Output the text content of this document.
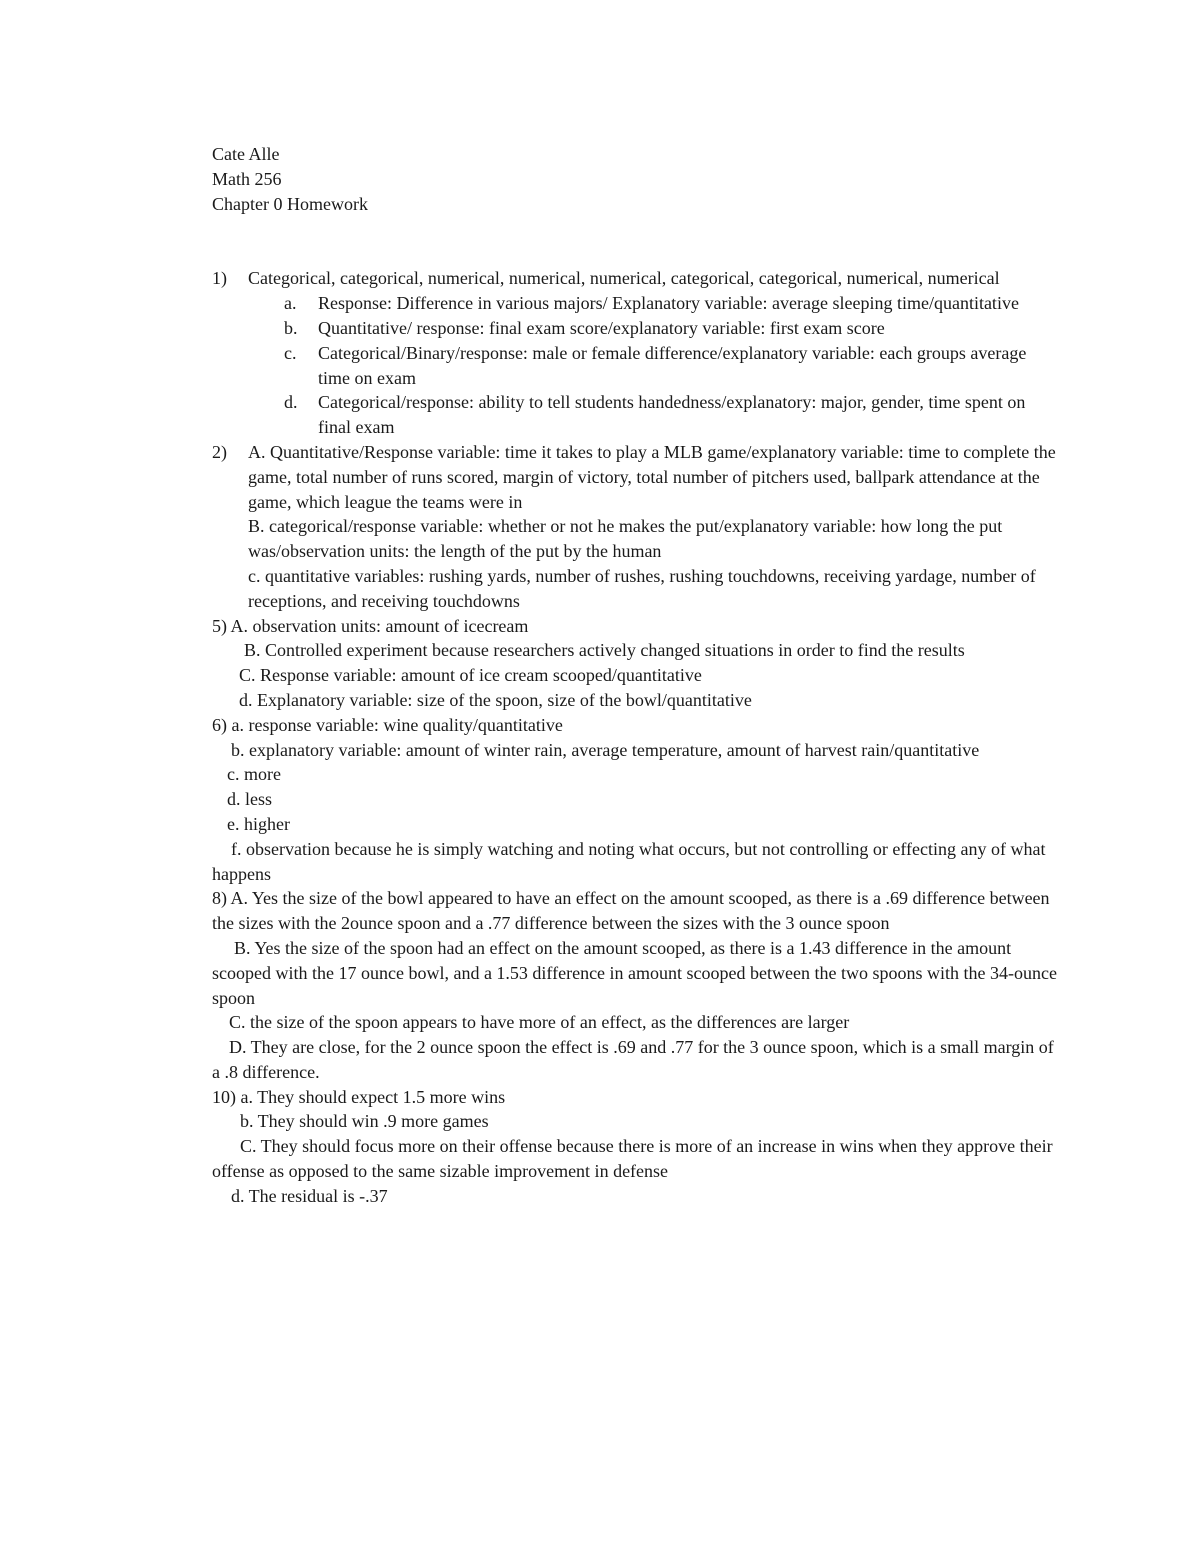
Cate Alle

Math 256

Chapter 0 Homework

1)	Categorical, categorical, numerical, numerical, numerical, categorical, categorical, numerical, numerical
a.	Response: Difference in various majors/ Explanatory variable: average sleeping time/quantitative
b.	Quantitative/ response: final exam score/explanatory variable: first exam score
c.	Categorical/Binary/response: male or female difference/explanatory variable: each groups average time on exam
d.	Categorical/response: ability to tell students handedness/explanatory: major, gender, time spent on final exam
2)	A. Quantitative/Response variable: time it takes to play a MLB game/explanatory variable: time to complete the game, total number of runs scored, margin of victory, total number of pitchers used, ballpark attendance at the game, which league the teams were in

B. categorical/response variable: whether or not he makes the put/explanatory variable: how long the put was/observation units: the length of the put by the human

c. quantitative variables: rushing yards, number of rushes, rushing touchdowns, receiving yardage, number of receptions, and receiving touchdowns

5) A. observation units: amount of icecream

B. Controlled experiment because researchers actively changed situations in order to find the results

C. Response variable: amount of ice cream scooped/quantitative

d. Explanatory variable: size of the spoon, size of the bowl/quantitative

6) a. response variable: wine quality/quantitative

b. explanatory variable: amount of winter rain, average temperature, amount of harvest rain/quantitative

c. more

d. less

e. higher

f. observation because he is simply watching and noting what occurs, but not controlling or effecting any of what happens

8) A. Yes the size of the bowl appeared to have an effect on the amount scooped, as there is a .69 difference between the sizes with the 2ounce spoon and a .77 difference between the sizes with the 3 ounce spoon

B. Yes the size of the spoon had an effect on the amount scooped, as there is a 1.43 difference in the amount scooped with the 17 ounce bowl, and a 1.53 difference in amount scooped between the two spoons with the 34-ounce spoon

C. the size of the spoon appears to have more of an effect, as the differences are larger

D. They are close, for the 2 ounce spoon the effect is .69 and .77 for the 3 ounce spoon, which is a small margin of a .8 difference.

10) a. They should expect 1.5 more wins

b. They should win .9 more games

C. They should focus more on their offense because there is more of an increase in wins when they approve their offense as opposed to the same sizable improvement in defense

d. The residual is -.37
